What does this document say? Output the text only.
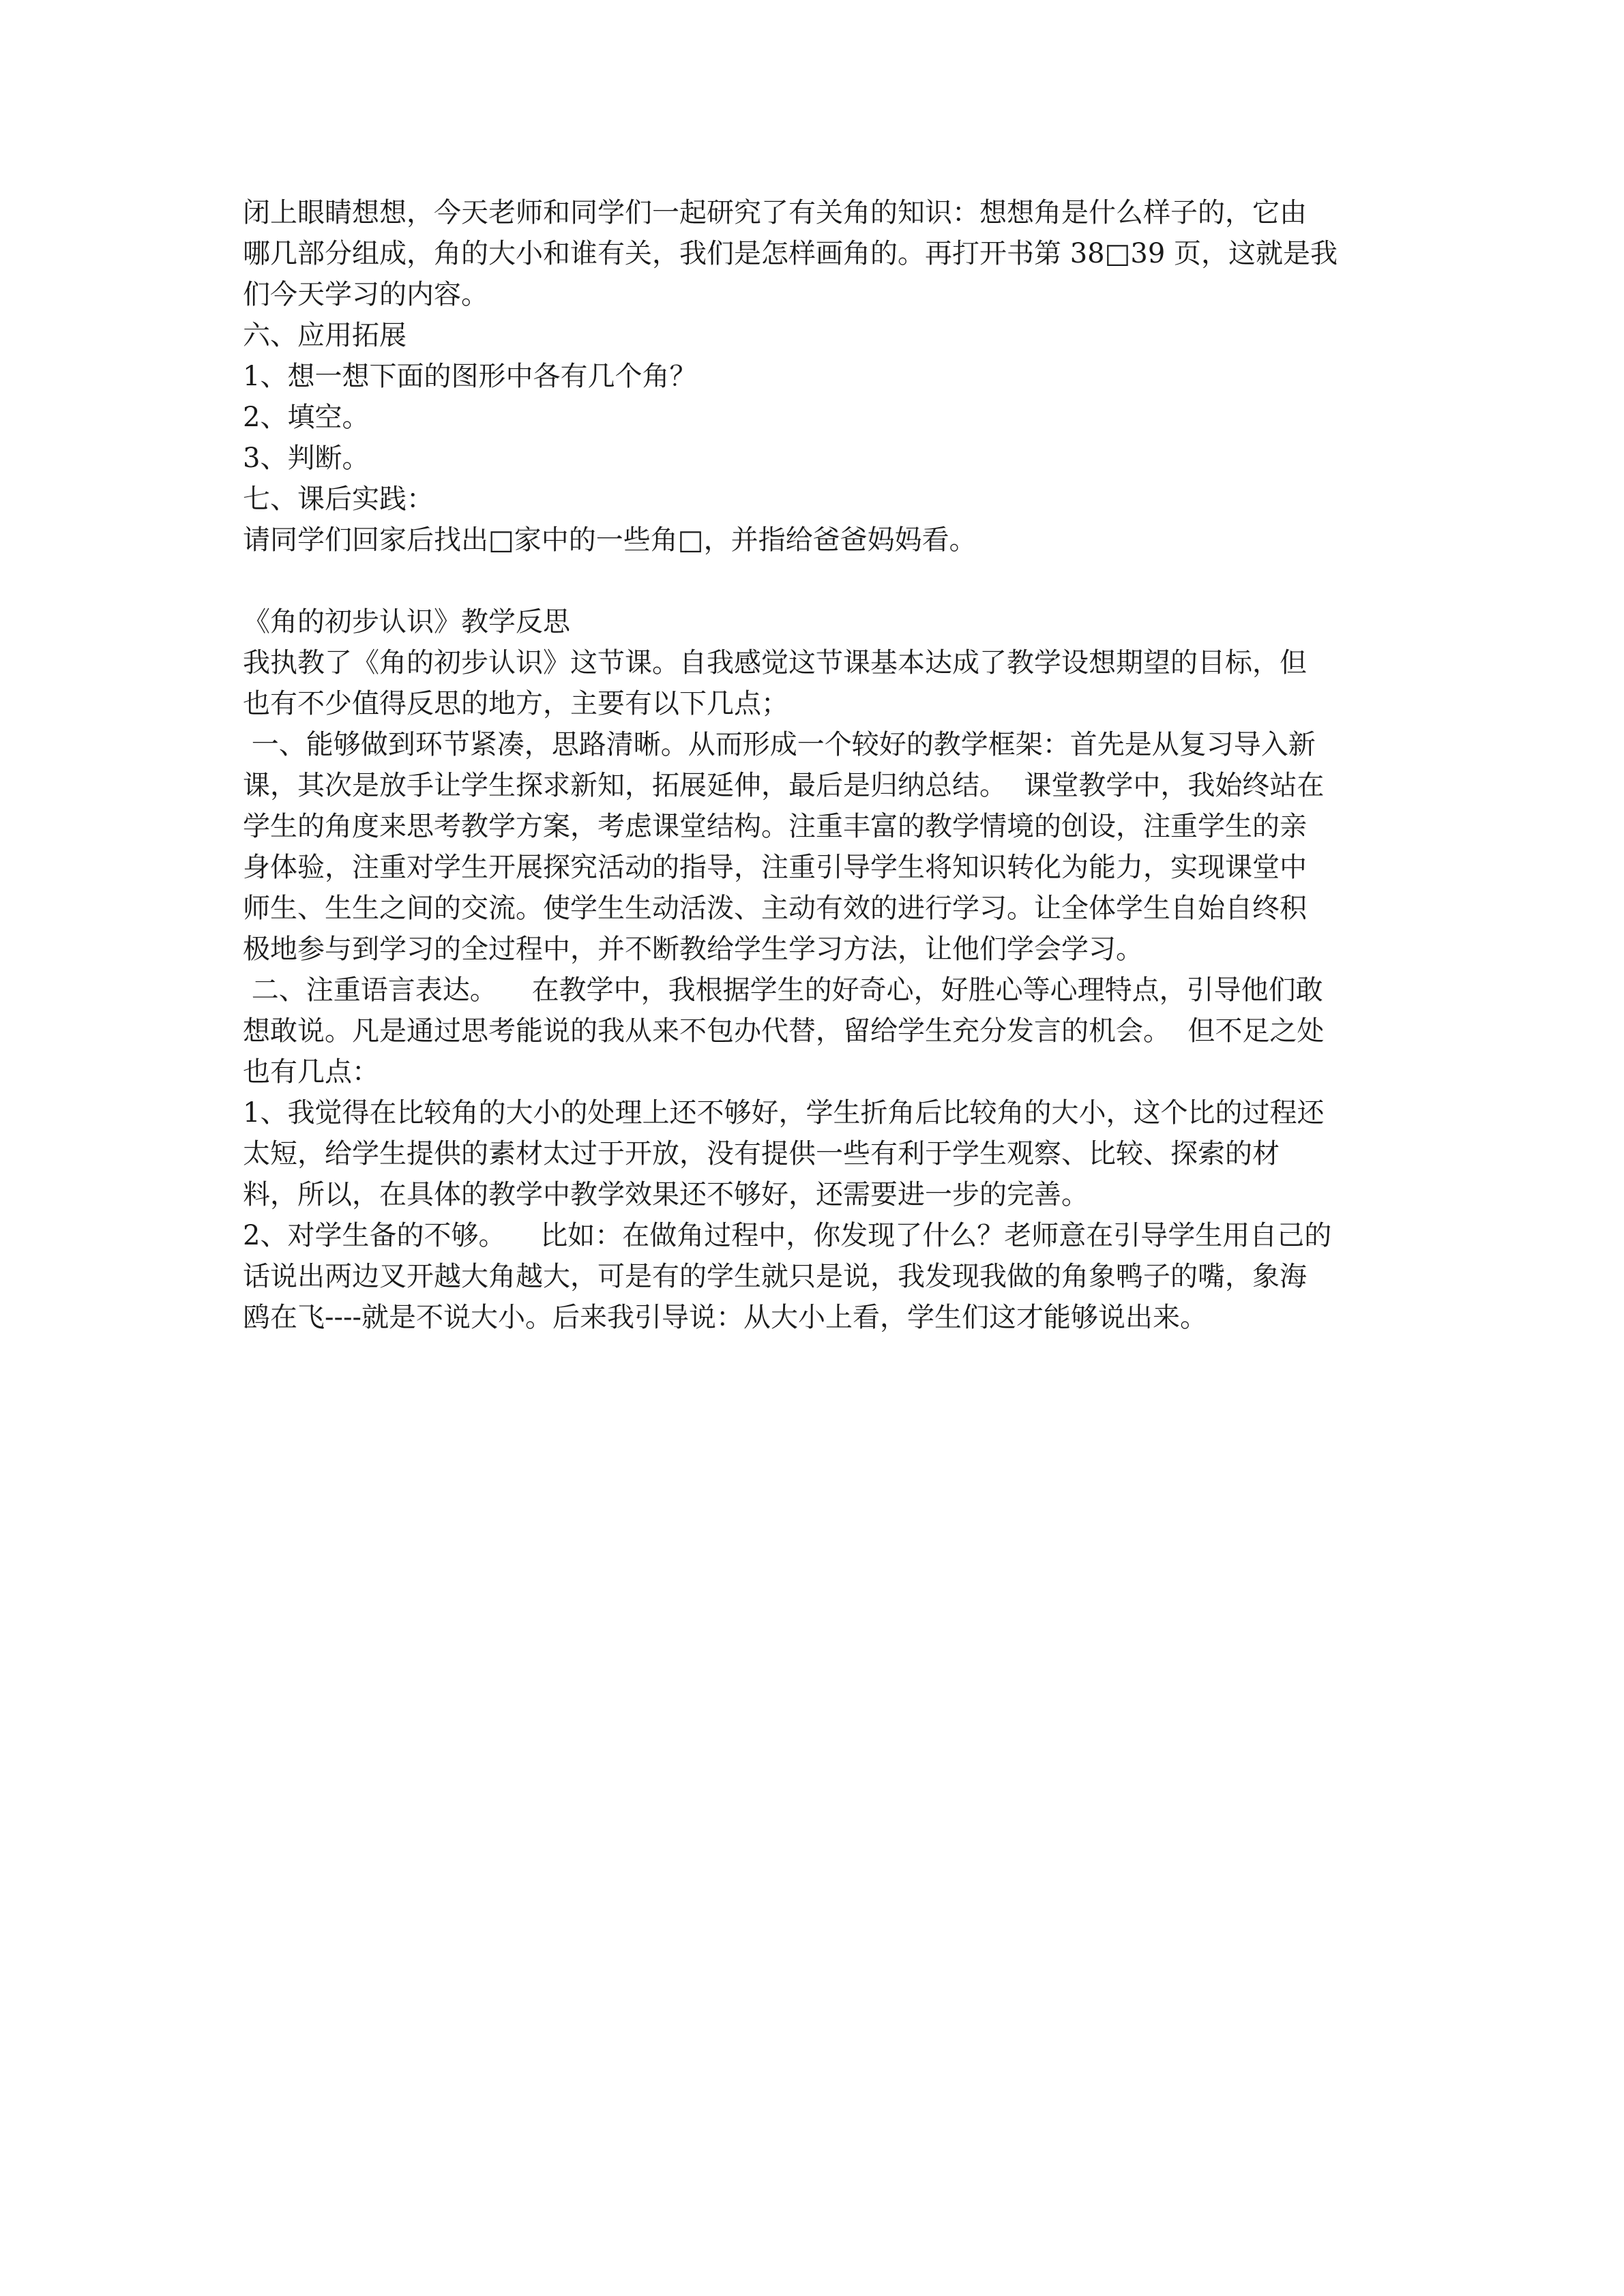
闭上眼睛想想，今天老师和同学们一起研究了有关角的知识：想想角是什么样子的，它由
哪几部分组成，角的大小和谁有关，我们是怎样画角的。再打开书第 38□39 页，这就是我
们今天学习的内容。
六、应用拓展
1、想一想下面的图形中各有几个角？
2、填空。
3、判断。
七、课后实践：
请同学们回家后找出□家中的一些角□，并指给爸爸妈妈看。
《角的初步认识》教学反思
我执教了《角的初步认识》这节课。自我感觉这节课基本达成了教学设想期望的目标，但
也有不少值得反思的地方，主要有以下几点；
一、能够做到环节紧凑，思路清晰。从而形成一个较好的教学框架：首先是从复习导入新
课，其次是放手让学生探求新知，拓展延伸，最后是归纳总结。  课堂教学中，我始终站在
学生的角度来思考教学方案，考虑课堂结构。注重丰富的教学情境的创设，注重学生的亲
身体验，注重对学生开展探究活动的指导，注重引导学生将知识转化为能力，实现课堂中
师生、生生之间的交流。使学生生动活泼、主动有效的进行学习。让全体学生自始自终积
极地参与到学习的全过程中，并不断教给学生学习方法，让他们学会学习。
二、注重语言表达。    在教学中，我根据学生的好奇心，好胜心等心理特点，引导他们敢
想敢说。凡是通过思考能说的我从来不包办代替，留给学生充分发言的机会。  但不足之处
也有几点：
1、我觉得在比较角的大小的处理上还不够好，学生折角后比较角的大小，这个比的过程还
太短，给学生提供的素材太过于开放，没有提供一些有利于学生观察、比较、探索的材
料，所以，在具体的教学中教学效果还不够好，还需要进一步的完善。
2、对学生备的不够。    比如：在做角过程中，你发现了什么？老师意在引导学生用自己的
话说出两边叉开越大角越大，可是有的学生就只是说，我发现我做的角象鸭子的嘴，象海
鸥在飞----就是不说大小。后来我引导说：从大小上看，学生们这才能够说出来。
